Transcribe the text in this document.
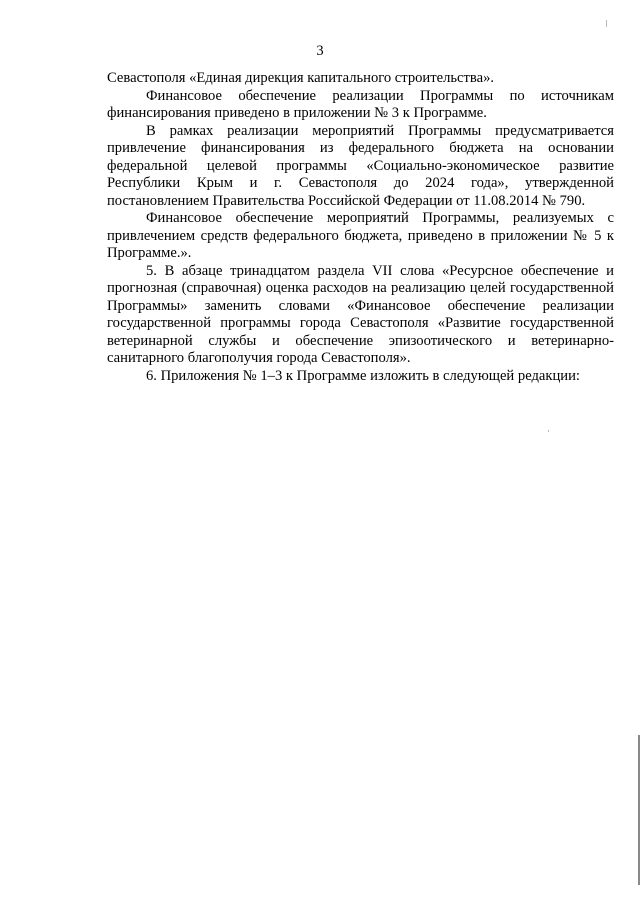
3

Севастополя «Единая дирекция капитального строительства».

Финансовое обеспечение реализации Программы по источникам финансирования приведено в приложении № 3 к Программе.

В рамках реализации мероприятий Программы предусматривается привлечение финансирования из федерального бюджета на основании федеральной целевой программы «Социально-экономическое развитие Республики Крым и г. Севастополя до 2024 года», утвержденной постановлением Правительства Российской Федерации от 11.08.2014 № 790.

Финансовое обеспечение мероприятий Программы, реализуемых с привлечением средств федерального бюджета, приведено в приложении № 5 к Программе.».

5. В абзаце тринадцатом раздела VII слова «Ресурсное обеспечение и прогнозная (справочная) оценка расходов на реализацию целей государственной Программы» заменить словами «Финансовое обеспечение реализации государственной программы города Севастополя «Развитие государственной ветеринарной службы и обеспечение эпизоотического и ветеринарно-санитарного благополучия города Севастополя».

6. Приложения № 1–3 к Программе изложить в следующей редакции:
